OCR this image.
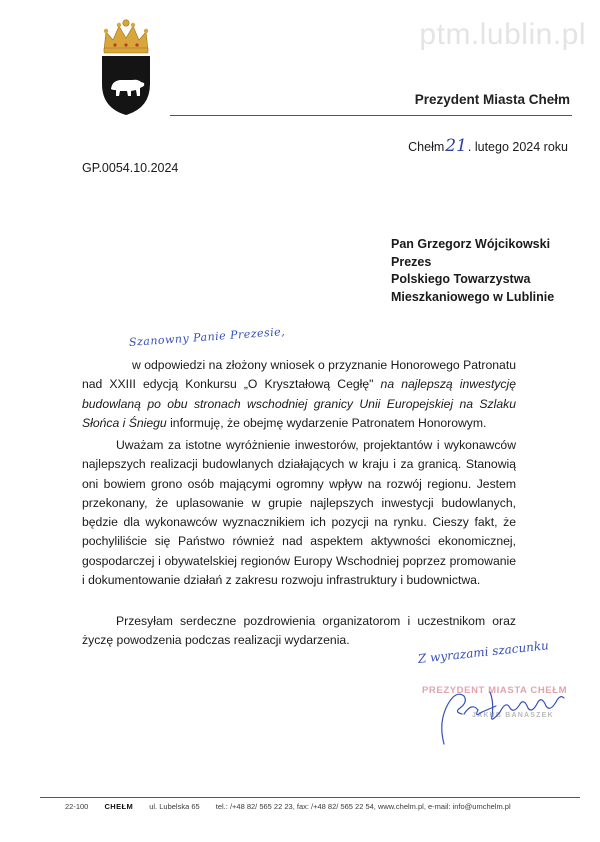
ptm.lublin.pl
Prezydent Miasta Chełm
Chełm21. lutego 2024 roku
GP.0054.10.2024
Pan Grzegorz Wójcikowski
Prezes
Polskiego Towarzystwa
Mieszkaniowego w Lublinie
Szanowny Panie Prezesie,
w odpowiedzi na złożony wniosek o przyznanie Honorowego Patronatu nad XXIII edycją Konkursu „O Kryształową Cegłę" na najlepszą inwestycję budowlaną po obu stronach wschodniej granicy Unii Europejskiej na Szlaku Słońca i Śniegu informuję, że obejmę wydarzenie Patronatem Honorowym.
Uważam za istotne wyróżnienie inwestorów, projektantów i wykonawców najlepszych realizacji budowlanych działających w kraju i za granicą. Stanowią oni bowiem grono osób mającymi ogromny wpływ na rozwój regionu. Jestem przekonany, że uplasowanie w grupie najlepszych inwestycji budowlanych, będzie dla wykonawców wyznacznikiem ich pozycji na rynku. Cieszy fakt, że pochyliliście się Państwo również nad aspektem aktywności ekonomicznej, gospodarczej i obywatelskiej regionów Europy Wschodniej poprzez promowanie i dokumentowanie działań z zakresu rozwoju infrastruktury i budownictwa.
Przesyłam serdeczne pozdrowienia organizatorom i uczestnikom oraz życzę powodzenia podczas realizacji wydarzenia.	Z wyrazami szacunku
PREZYDENT MIASTA CHEŁM
JAKUB BANASZEK
22-100 CHEŁM ul. Lubelska 65 tel.: /+48 82/ 565 22 23, fax: /+48 82/ 565 22 54, www.chelm.pl, e-mail: info@umchelm.pl
